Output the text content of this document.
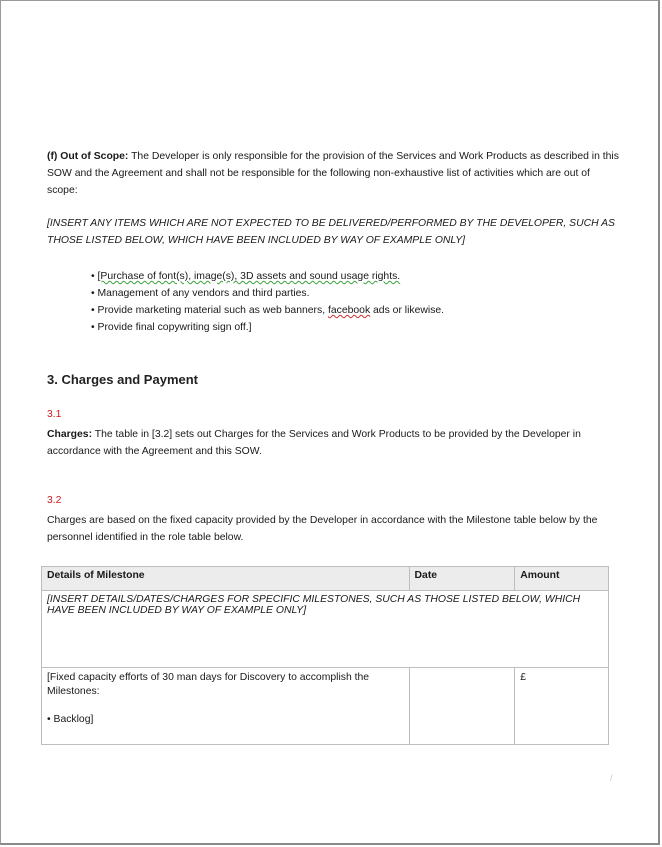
(f) Out of Scope: The Developer is only responsible for the provision of the Services and Work Products as described in this SOW and the Agreement and shall not be responsible for the following non-exhaustive list of activities which are out of scope:
[INSERT ANY ITEMS WHICH ARE NOT EXPECTED TO BE DELIVERED/PERFORMED BY THE DEVELOPER, SUCH AS THOSE LISTED BELOW, WHICH HAVE BEEN INCLUDED BY WAY OF EXAMPLE ONLY]
• [Purchase of font(s), image(s), 3D assets and sound usage rights.
• Management of any vendors and third parties.
• Provide marketing material such as web banners, facebook ads or likewise.
• Provide final copywriting sign off.]
3. Charges and Payment
3.1
Charges: The table in [3.2] sets out Charges for the Services and Work Products to be provided by the Developer in accordance with the Agreement and this SOW.
3.2
Charges are based on the fixed capacity provided by the Developer in accordance with the Milestone table below by the personnel identified in the role table below.
Details of Milestone	Date	Amount
[INSERT DETAILS/DATES/CHARGES FOR SPECIFIC MILESTONES, SUCH AS THOSE LISTED BELOW, WHICH HAVE BEEN INCLUDED BY WAY OF EXAMPLE ONLY]		

[Fixed capacity efforts of 30 man days for Discovery to accomplish the Milestones:
• Backlog]		£
/
